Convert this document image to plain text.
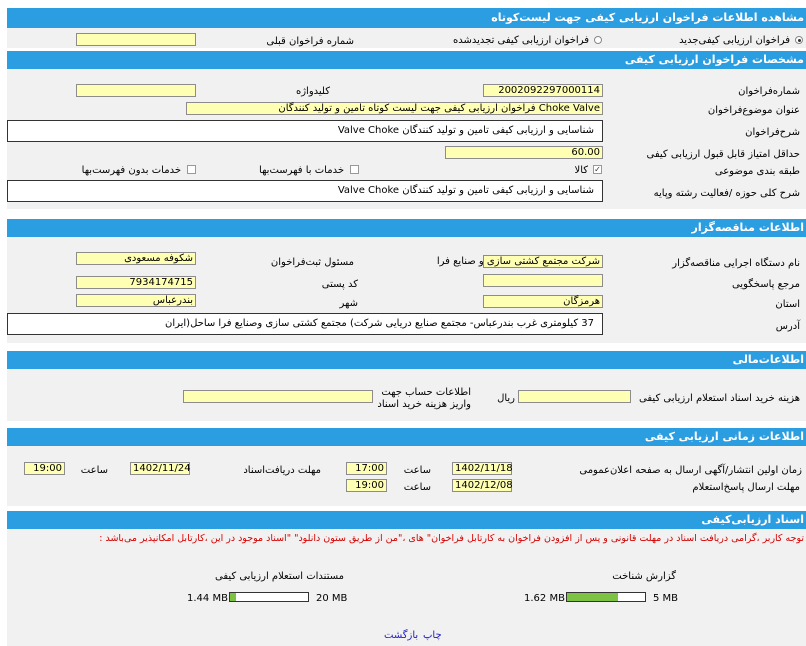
مشاهده اطلاعات فراخوان ارزيابی کيفی جهت ليست‌کوتاه
فراخوان ارزيابی کيفی‌جديد
فراخوان ارزيابی کيفی تجديدشده
شماره فراخوان قبلی
مشخصات فراخوان ارزيابی کيفی
شماره‌فراخوان
2002092297000114
کليدواژه
عنوان موضوع‌فراخوان
Choke Valve فراخوان ارزیابی کیفی جهت لیست کوتاه تامین و تولید کنندگان
شرح‌فراخوان
شناسایی و ارزیابی کیفی تامین و تولید کنندگان Valve Choke
حداقل امتیاز قابل قبول ارزیابی کیفی
60.00
طبقه بندی موضوعی
✓
کالا
خدمات با فهرست‌بها
خدمات بدون فهرست‌بها
شرح کلی حوزه /فعالیت رشته وپایه
شناسایی و ارزیابی کیفی تامین و تولید کنندگان Valve Choke
اطلاعات مناقصه‌گزار
نام دستگاه اجرايی مناقصه‌گزار
شرکت مجتمع کشتی سازی و صنایع فرا
مسئول ثبت‌فراخوان
شکوفه مسعودی
مرجع پاسخگويی
کد پستی
7934174715
استان
هرمزگان
شهر
بندرعباس
آدرس
37 کیلومتری غرب بندرعباس- مجتمع صنایع دریایی شرکت) مجتمع کشتی سازی وصنایع فرا ساحل(ایران
اطلاعات‌مالی
هزينه خريد اسناد استعلام ارزيابی کيفی
ريال
اطلاعات حساب جهت
واریز هزینه خرید اسناد
اطلاعات زمانی ارزيابی کيفی
زمان اولين انتشار/آگهی ارسال به صفحه اعلان‌عمومی
1402/11/18
ساعت
17:00
مهلت دريافت‌اسناد
1402/11/24
ساعت
19:00
مهلت ارسال پاسخ‌استعلام
1402/12/08
ساعت
19:00
اسناد ارزیابی‌کيفی
توجه کاربر ،گرامی دريافت اسناد در مهلت قانونی و پس از افزودن فراخوان به کارتابل فراخوان" های ،"من از طريق ستون دانلود" "اسناد موجود در اين ،کارتابل امکانپذير می‌باشد :
گزارش شناخت
1.62 MB	5 MB
مستندات استعلام ارزيابی کيفی
1.44 MB	20 MB
بازگشت چاپ
